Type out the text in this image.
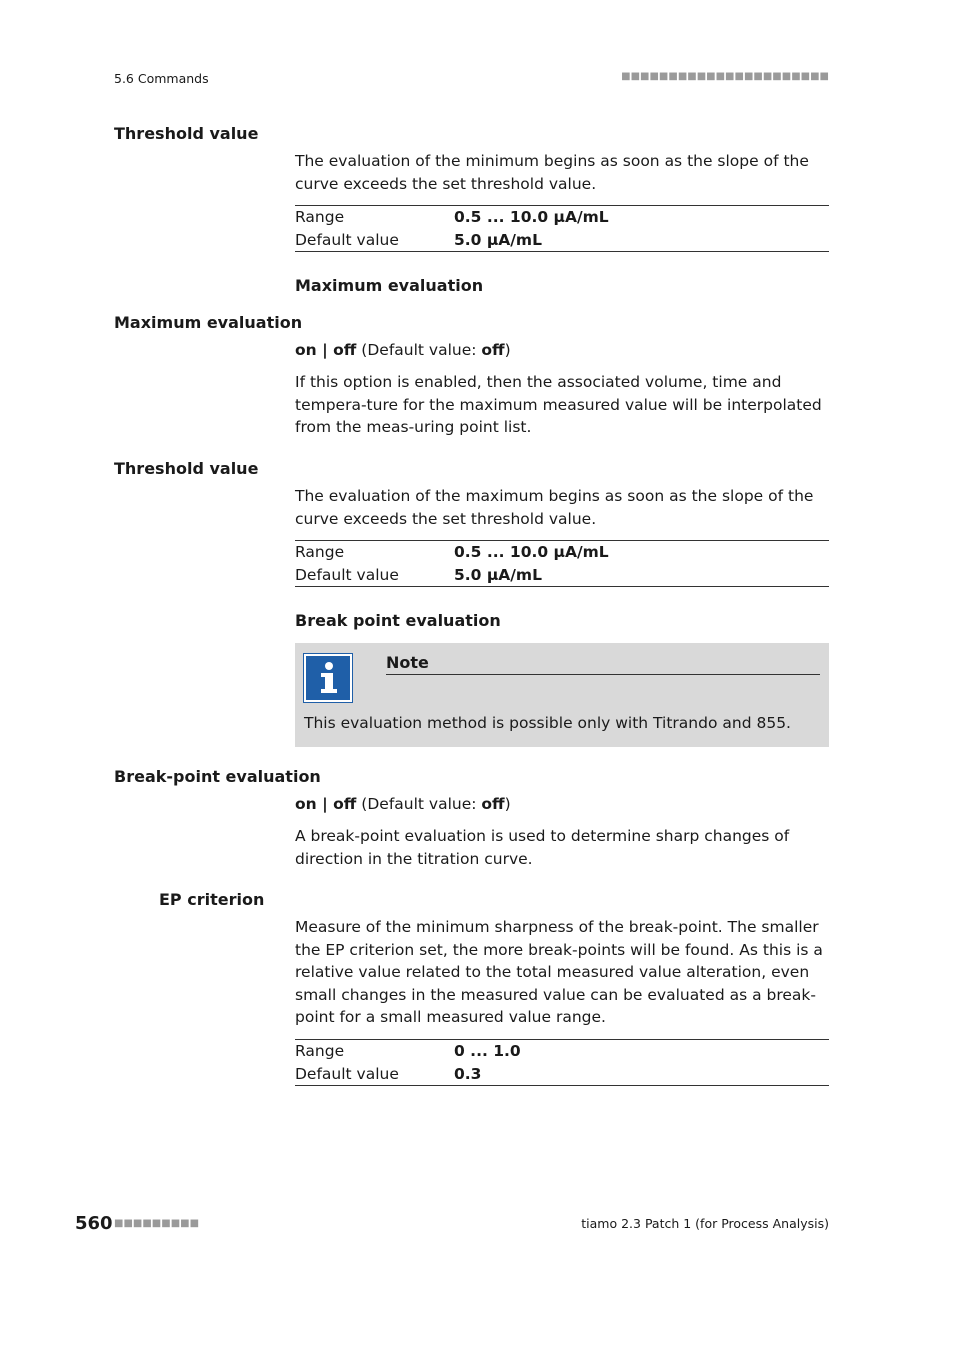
5.6 Commands	■■■■■■■■■■■■■■■■■■■■■■
Threshold value
The evaluation of the minimum begins as soon as the slope of the curve exceeds the set threshold value.
Range	0.5 ... 10.0 µA/mL
Default value	5.0 µA/mL
Maximum evaluation
Maximum evaluation
on | off (Default value: off)
If this option is enabled, then the associated volume, time and tempera-ture for the maximum measured value will be interpolated from the meas-uring point list.
Threshold value
The evaluation of the maximum begins as soon as the slope of the curve exceeds the set threshold value.
Range	0.5 ... 10.0 µA/mL
Default value	5.0 µA/mL
Break point evaluation
Note
This evaluation method is possible only with Titrando and 855.
Break-point evaluation
on | off (Default value: off)
A break-point evaluation is used to determine sharp changes of direction in the titration curve.
EP criterion
Measure of the minimum sharpness of the break-point. The smaller the EP criterion set, the more break-points will be found. As this is a relative value related to the total measured value alteration, even small changes in the measured value can be evaluated as a break-point for a small measured value range.
Range	0 ... 1.0
Default value	0.3
560 ■■■■■■■■■	tiamo 2.3 Patch 1 (for Process Analysis)
